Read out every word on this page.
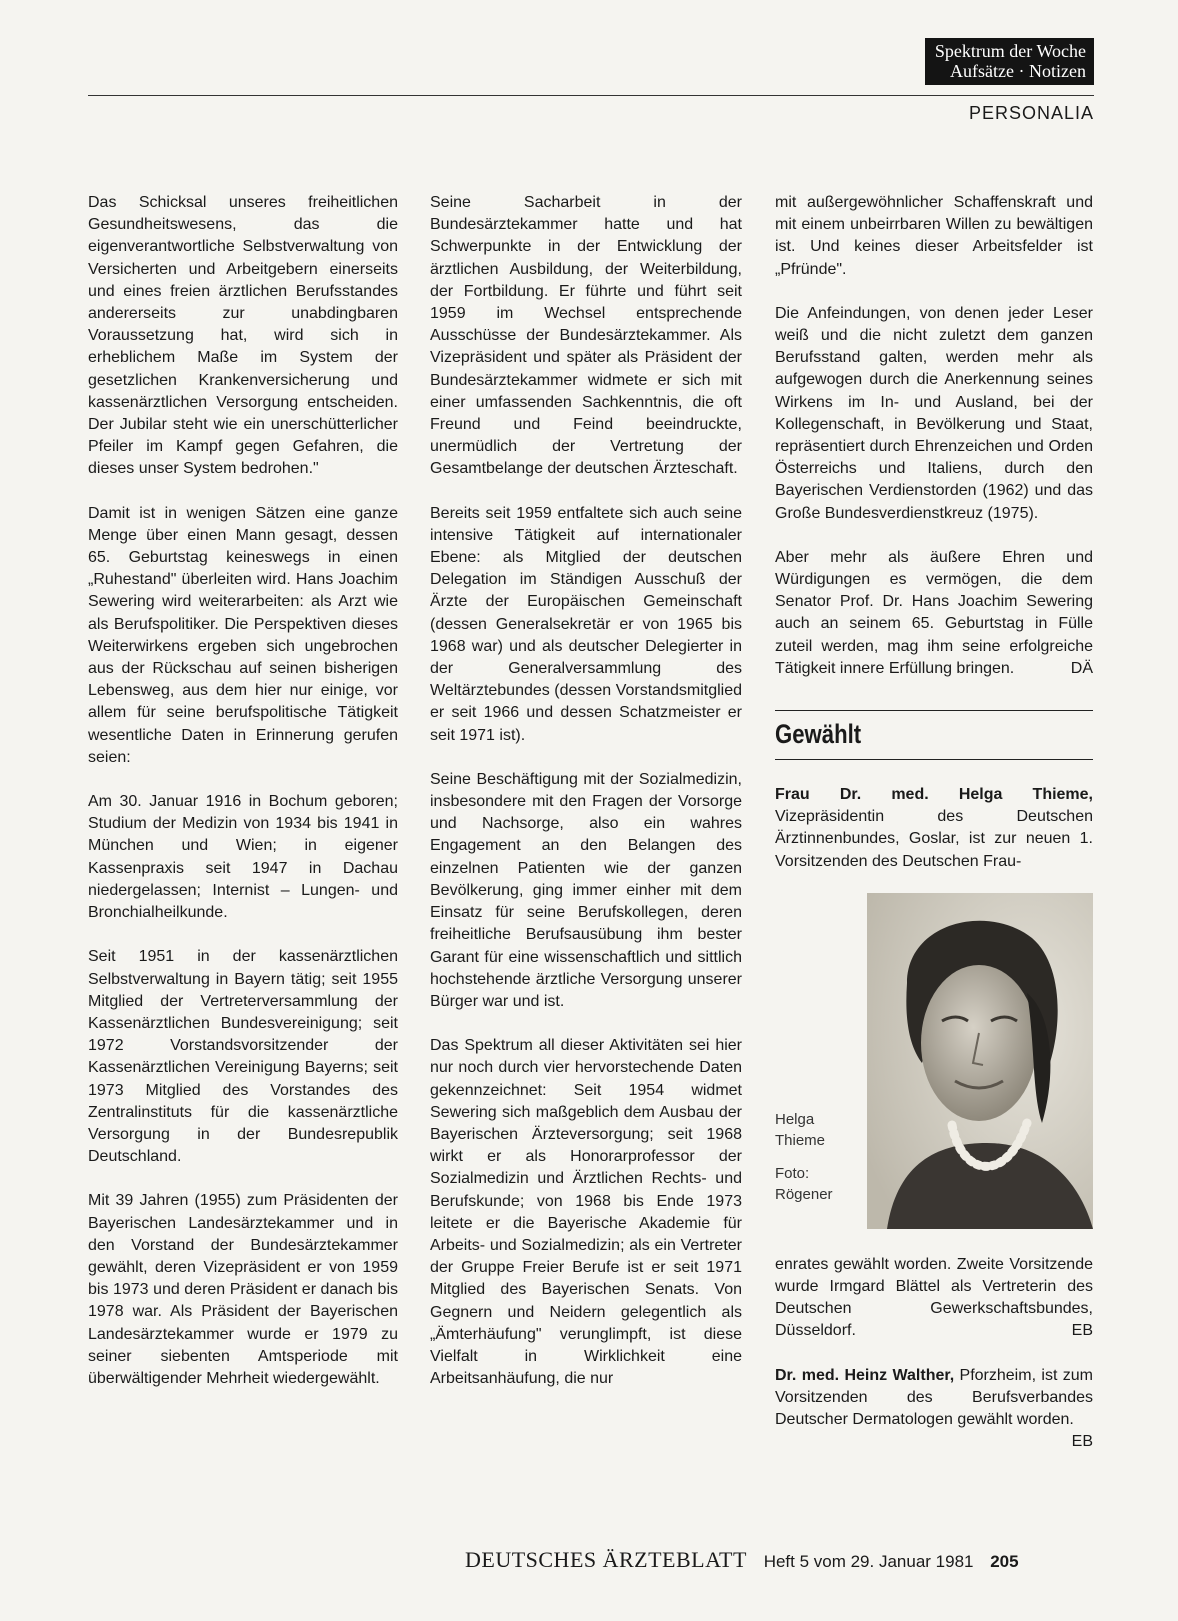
Spektrum der Woche
Aufsätze · Notizen
PERSONALIA

Das Schicksal unseres freiheitlichen Gesundheitswesens, das die eigenverantwortliche Selbstverwaltung von Versicherten und Arbeitgebern einerseits und eines freien ärztlichen Berufsstandes andererseits zur unabdingbaren Voraussetzung hat, wird sich in erheblichem Maße im System der gesetzlichen Krankenversicherung und kassenärztlichen Versorgung entscheiden. Der Jubilar steht wie ein unerschütterlicher Pfeiler im Kampf gegen Gefahren, die dieses unser System bedrohen."

Damit ist in wenigen Sätzen eine ganze Menge über einen Mann gesagt, dessen 65. Geburtstag keineswegs in einen „Ruhestand" überleiten wird. Hans Joachim Sewering wird weiterarbeiten: als Arzt wie als Berufspolitiker. Die Perspektiven dieses Weiterwirkens ergeben sich ungebrochen aus der Rückschau auf seinen bisherigen Lebensweg, aus dem hier nur einige, vor allem für seine berufspolitische Tätigkeit wesentliche Daten in Erinnerung gerufen seien:

Am 30. Januar 1916 in Bochum geboren; Studium der Medizin von 1934 bis 1941 in München und Wien; in eigener Kassenpraxis seit 1947 in Dachau niedergelassen; Internist – Lungen- und Bronchialheilkunde.

Seit 1951 in der kassenärztlichen Selbstverwaltung in Bayern tätig; seit 1955 Mitglied der Vertreterversammlung der Kassenärztlichen Bundesvereinigung; seit 1972 Vorstandsvorsitzender der Kassenärztlichen Vereinigung Bayerns; seit 1973 Mitglied des Vorstandes des Zentralinstituts für die kassenärztliche Versorgung in der Bundesrepublik Deutschland.

Mit 39 Jahren (1955) zum Präsidenten der Bayerischen Landesärztekammer und in den Vorstand der Bundesärztekammer gewählt, deren Vizepräsident er von 1959 bis 1973 und deren Präsident er danach bis 1978 war. Als Präsident der Bayerischen Landesärztekammer wurde er 1979 zu seiner siebenten Amtsperiode mit überwältigender Mehrheit wiedergewählt.

Seine Sacharbeit in der Bundesärztekammer hatte und hat Schwerpunkte in der Entwicklung der ärztlichen Ausbildung, der Weiterbildung, der Fortbildung. Er führte und führt seit 1959 im Wechsel entsprechende Ausschüsse der Bundesärztekammer. Als Vizepräsident und später als Präsident der Bundesärztekammer widmete er sich mit einer umfassenden Sachkenntnis, die oft Freund und Feind beeindruckte, unermüdlich der Vertretung der Gesamtbelange der deutschen Ärzteschaft.

Bereits seit 1959 entfaltete sich auch seine intensive Tätigkeit auf internationaler Ebene: als Mitglied der deutschen Delegation im Ständigen Ausschuß der Ärzte der Europäischen Gemeinschaft (dessen Generalsekretär er von 1965 bis 1968 war) und als deutscher Delegierter in der Generalversammlung des Weltärztebundes (dessen Vorstandsmitglied er seit 1966 und dessen Schatzmeister er seit 1971 ist).

Seine Beschäftigung mit der Sozialmedizin, insbesondere mit den Fragen der Vorsorge und Nachsorge, also ein wahres Engagement an den Belangen des einzelnen Patienten wie der ganzen Bevölkerung, ging immer einher mit dem Einsatz für seine Berufskollegen, deren freiheitliche Berufsausübung ihm bester Garant für eine wissenschaftlich und sittlich hochstehende ärztliche Versorgung unserer Bürger war und ist.

Das Spektrum all dieser Aktivitäten sei hier nur noch durch vier hervorstechende Daten gekennzeichnet: Seit 1954 widmet Sewering sich maßgeblich dem Ausbau der Bayerischen Ärzteversorgung; seit 1968 wirkt er als Honorarprofessor der Sozialmedizin und Ärztlichen Rechts- und Berufskunde; von 1968 bis Ende 1973 leitete er die Bayerische Akademie für Arbeits- und Sozialmedizin; als ein Vertreter der Gruppe Freier Berufe ist er seit 1971 Mitglied des Bayerischen Senats. Von Gegnern und Neidern gelegentlich als „Ämterhäufung" verunglimpft, ist diese Vielfalt in Wirklichkeit eine Arbeitsanhäufung, die nur

mit außergewöhnlicher Schaffenskraft und mit einem unbeirrbaren Willen zu bewältigen ist. Und keines dieser Arbeitsfelder ist „Pfründe".

Die Anfeindungen, von denen jeder Leser weiß und die nicht zuletzt dem ganzen Berufsstand galten, werden mehr als aufgewogen durch die Anerkennung seines Wirkens im In- und Ausland, bei der Kollegenschaft, in Bevölkerung und Staat, repräsentiert durch Ehrenzeichen und Orden Österreichs und Italiens, durch den Bayerischen Verdienstorden (1962) und das Große Bundesverdienstkreuz (1975).

Aber mehr als äußere Ehren und Würdigungen es vermögen, die dem Senator Prof. Dr. Hans Joachim Sewering auch an seinem 65. Geburtstag in Fülle zuteil werden, mag ihm seine erfolgreiche Tätigkeit innere Erfüllung bringen.	DÄ

Gewählt

Frau Dr. med. Helga Thieme, Vizepräsidentin des Deutschen Ärztinnenbundes, Goslar, ist zur neuen 1. Vorsitzenden des Deutschen Frau-

Helga
Thieme
Foto:
Rögener

enrates gewählt worden. Zweite Vorsitzende wurde Irmgard Blättel als Vertreterin des Deutschen Gewerkschaftsbundes, Düsseldorf.	EB

Dr. med. Heinz Walther, Pforzheim, ist zum Vorsitzenden des Berufsverbandes Deutscher Dermatologen gewählt worden.
EB

DEUTSCHES ÄRZTEBLATT Heft 5 vom 29. Januar 1981 205
